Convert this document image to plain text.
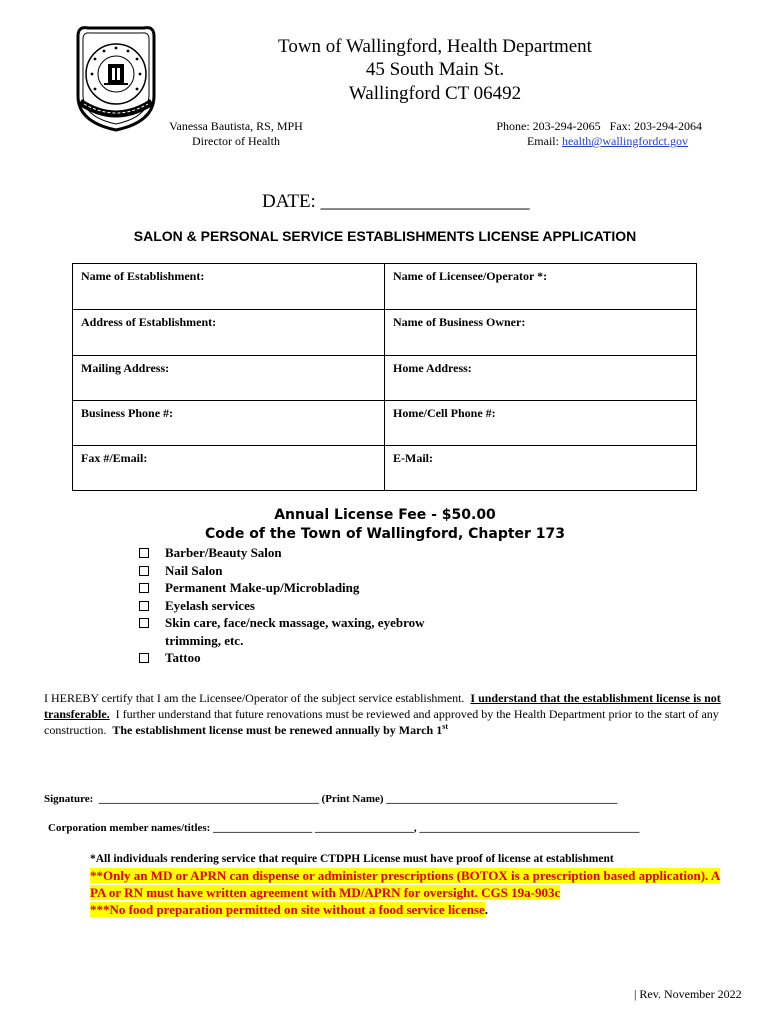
Town of Wallingford, Health Department
45 South Main St.
Wallingford CT 06492
Vanessa Bautista, RS, MPH
Director of Health
Phone: 203-294-2065   Fax: 203-294-2064
Email: health@wallingfordct.gov
DATE: ______________________
SALON & PERSONAL SERVICE ESTABLISHMENTS LICENSE APPLICATION
Name of Establishment:	Name of Licensee/Operator *:
Address of Establishment:	Name of Business Owner:
Mailing Address:	Home Address:
Business Phone #:	Home/Cell Phone #:
Fax #/Email:	E-Mail:
Annual License Fee - $50.00
Code of the Town of Wallingford, Chapter 173
Barber/Beauty Salon
Nail Salon
Permanent Make-up/Microblading
Eyelash services
Skin care, face/neck massage, waxing, eyebrow trimming, etc.
Tattoo
I HEREBY certify that I am the Licensee/Operator of the subject service establishment.  I understand that the establishment license is not transferable.  I further understand that future renovations must be reviewed and approved by the Health Department prior to the start of any construction.  The establishment license must be renewed annually by March 1st
Signature:  ________________________________________ (Print Name) __________________________________________
Corporation member names/titles: __________________ __________________, ________________________________________
*All individuals rendering service that require CTDPH License must have proof of license at establishment
**Only an MD or APRN can dispense or administer prescriptions (BOTOX is a prescription based application). A PA or RN must have written agreement with MD/APRN for oversight. CGS 19a-903c
***No food preparation permitted on site without a food service license.
| Rev. November 2022
